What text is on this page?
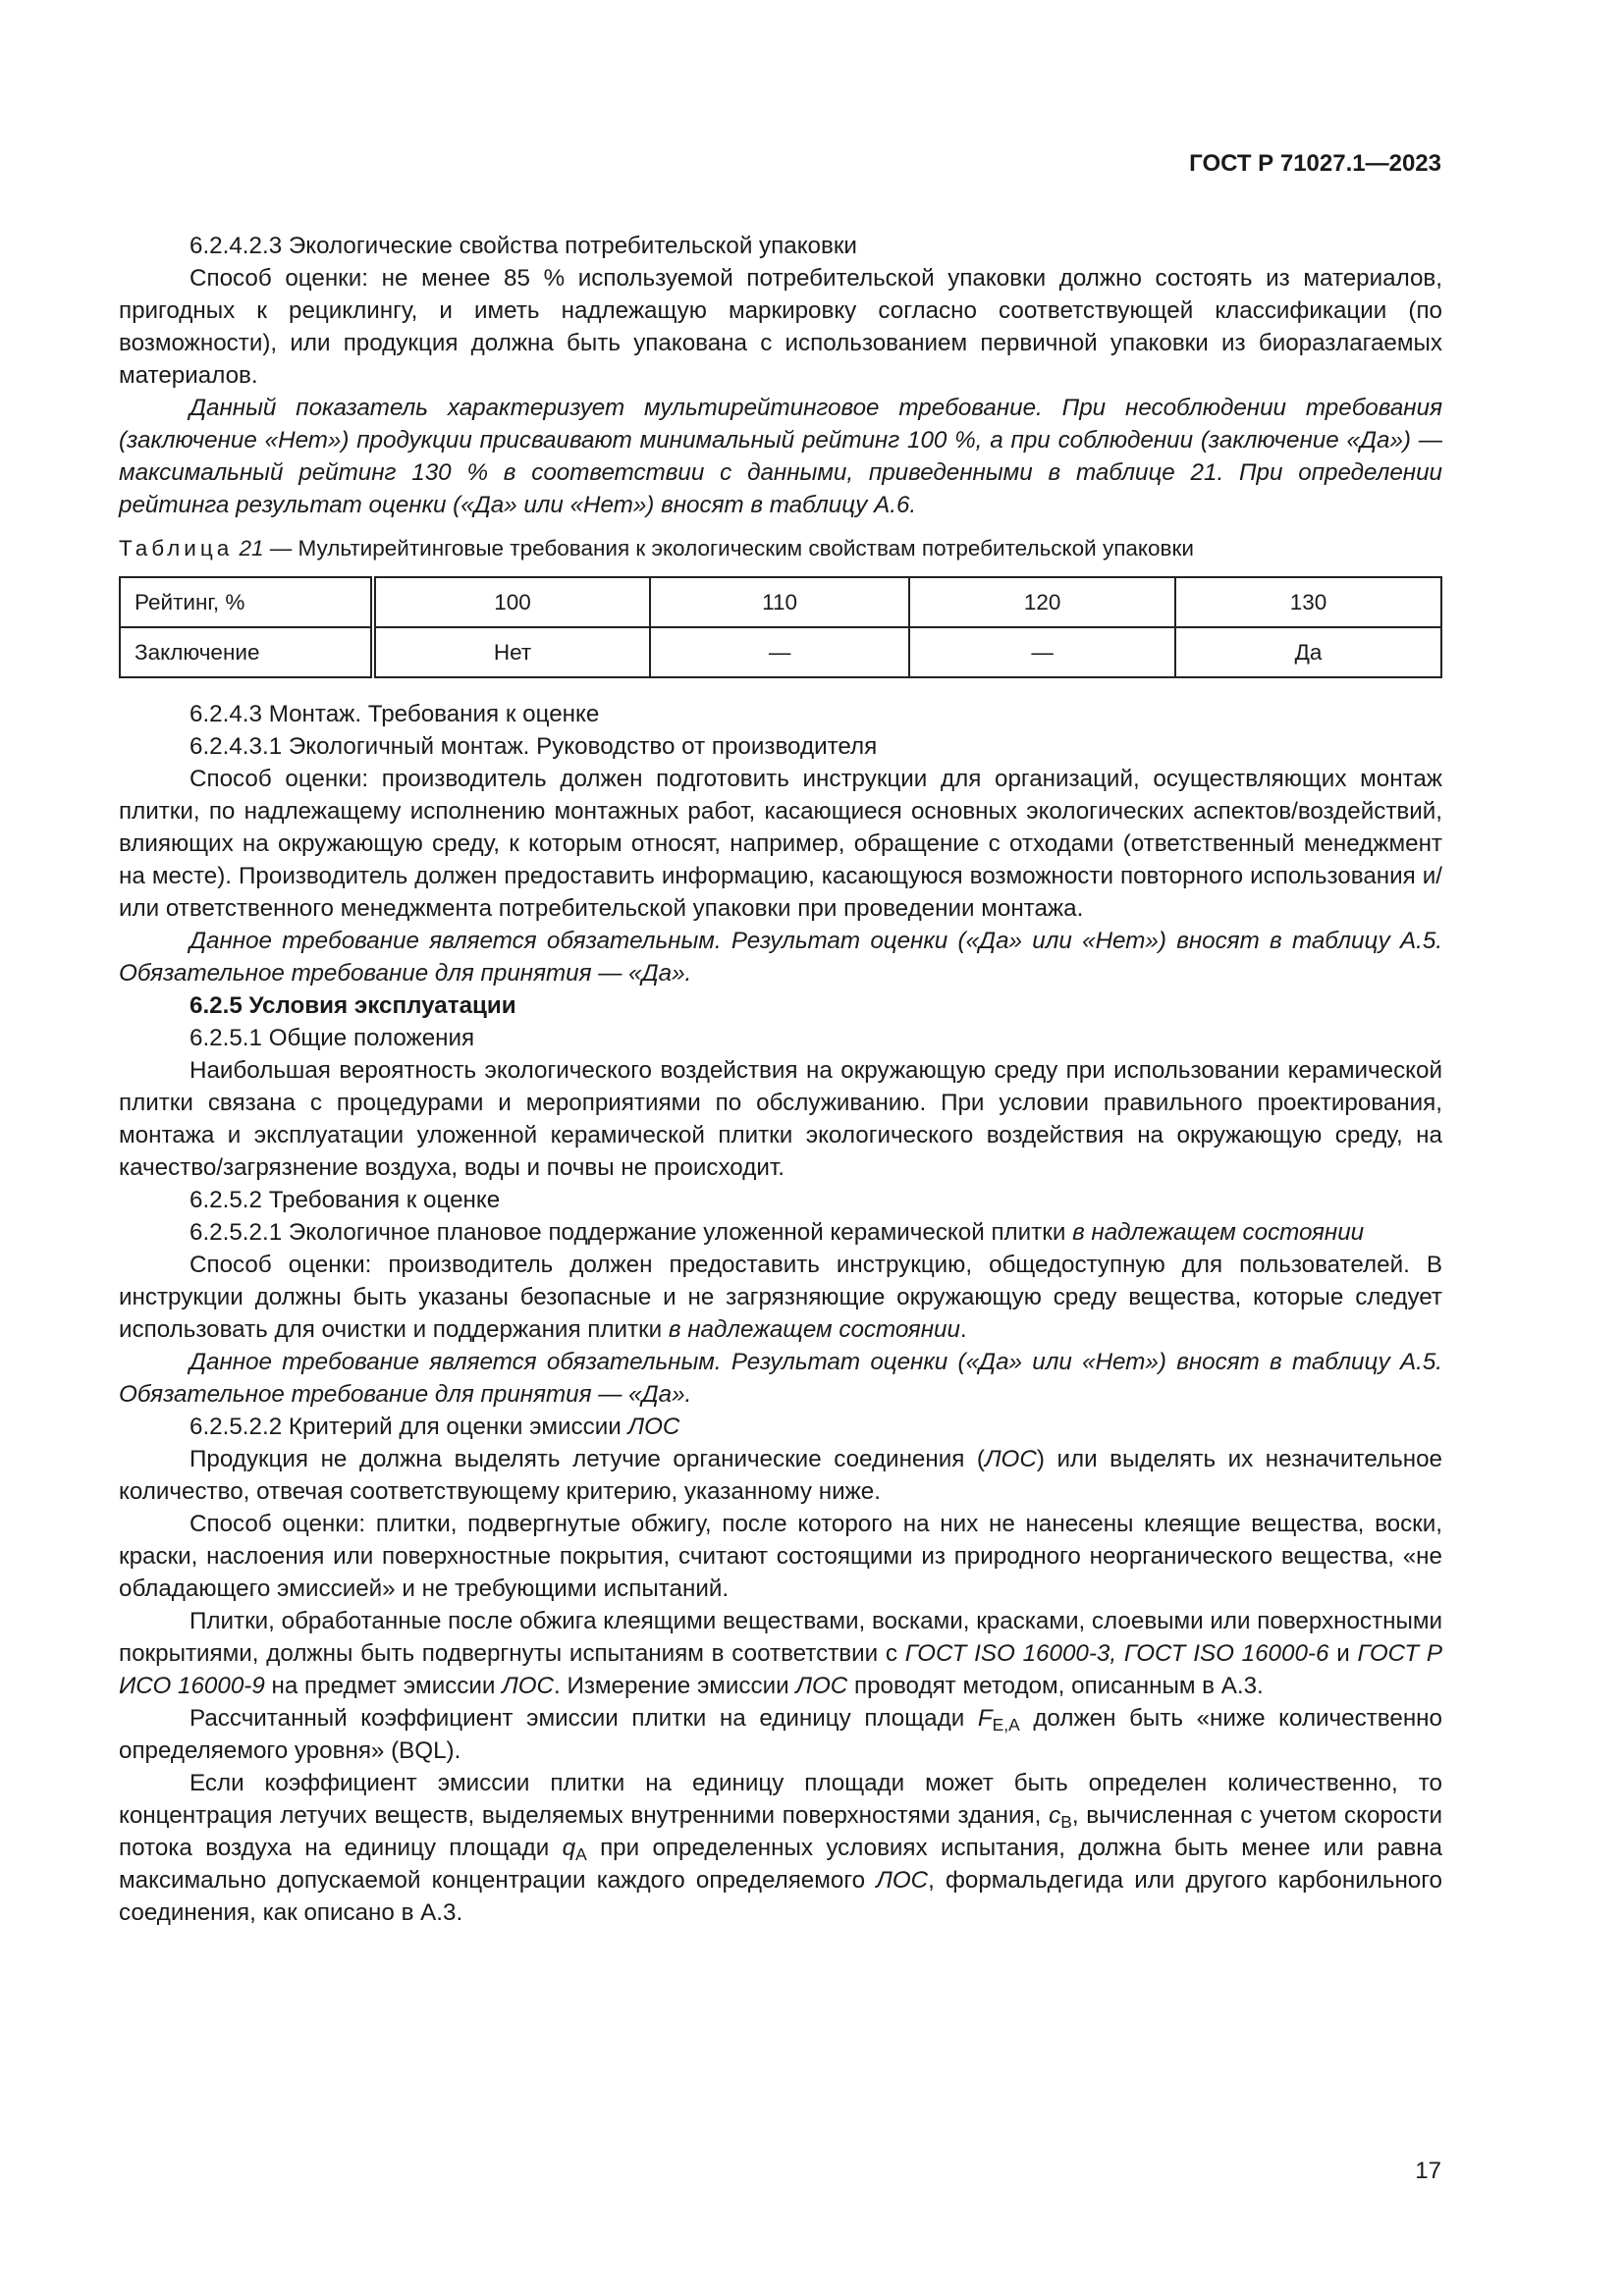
ГОСТ Р 71027.1—2023

6.2.4.2.3 Экологические свойства потребительской упаковки

Способ оценки: не менее 85 % используемой потребительской упаковки должно состоять из материалов, пригодных к рециклингу, и иметь надлежащую маркировку согласно соответствующей классификации (по возможности), или продукция должна быть упакована с использованием первичной упаковки из биоразлагаемых материалов.

Данный показатель характеризует мультирейтинговое требование. При несоблюдении требования (заключение «Нет») продукции присваивают минимальный рейтинг 100 %, а при соблюдении (заключение «Да») — максимальный рейтинг 130 % в соответствии с данными, приведенными в таблице 21. При определении рейтинга результат оценки («Да» или «Нет») вносят в таблицу А.6.

Таблица 21 — Мультирейтинговые требования к экологическим свойствам потребительской упаковки
Рейтинг, %	100	110	120	130
Заключение	Нет	—	—	Да

6.2.4.3 Монтаж. Требования к оценке

6.2.4.3.1 Экологичный монтаж. Руководство от производителя

Способ оценки: производитель должен подготовить инструкции для организаций, осуществляющих монтаж плитки, по надлежащему исполнению монтажных работ, касающиеся основных экологических аспектов/воздействий, влияющих на окружающую среду, к которым относят, например, обращение с отходами (ответственный менеджмент на месте). Производитель должен предоставить информацию, касающуюся возможности повторного использования и/или ответственного менеджмента потребительской упаковки при проведении монтажа.

Данное требование является обязательным. Результат оценки («Да» или «Нет») вносят в таблицу А.5. Обязательное требование для принятия — «Да».

6.2.5 Условия эксплуатации

6.2.5.1 Общие положения

Наибольшая вероятность экологического воздействия на окружающую среду при использовании керамической плитки связана с процедурами и мероприятиями по обслуживанию. При условии правильного проектирования, монтажа и эксплуатации уложенной керамической плитки экологического воздействия на окружающую среду, на качество/загрязнение воздуха, воды и почвы не происходит.

6.2.5.2 Требования к оценке

6.2.5.2.1 Экологичное плановое поддержание уложенной керамической плитки в надлежащем состоянии

Способ оценки: производитель должен предоставить инструкцию, общедоступную для пользователей. В инструкции должны быть указаны безопасные и не загрязняющие окружающую среду вещества, которые следует использовать для очистки и поддержания плитки в надлежащем состоянии.

Данное требование является обязательным. Результат оценки («Да» или «Нет») вносят в таблицу А.5. Обязательное требование для принятия — «Да».

6.2.5.2.2 Критерий для оценки эмиссии ЛОС

Продукция не должна выделять летучие органические соединения (ЛОС) или выделять их незначительное количество, отвечая соответствующему критерию, указанному ниже.

Способ оценки: плитки, подвергнутые обжигу, после которого на них не нанесены клеящие вещества, воски, краски, наслоения или поверхностные покрытия, считают состоящими из природного неорганического вещества, «не обладающего эмиссией» и не требующими испытаний.

Плитки, обработанные после обжига клеящими веществами, восками, красками, слоевыми или поверхностными покрытиями, должны быть подвергнуты испытаниям в соответствии с ГОСТ ISO 16000-3, ГОСТ ISO 16000-6 и ГОСТ Р ИСО 16000-9 на предмет эмиссии ЛОС. Измерение эмиссии ЛОС проводят методом, описанным в А.3.

Рассчитанный коэффициент эмиссии плитки на единицу площади $F_{E,A}$ должен быть «ниже количественно определяемого уровня» (BQL).

Если коэффициент эмиссии плитки на единицу площади может быть определен количественно, то концентрация летучих веществ, выделяемых внутренними поверхностями здания, $c_B$, вычисленная с учетом скорости потока воздуха на единицу площади $q_A$ при определенных условиях испытания, должна быть менее или равна максимально допускаемой концентрации каждого определяемого ЛОС, формальдегида или другого карбонильного соединения, как описано в А.3.

17
